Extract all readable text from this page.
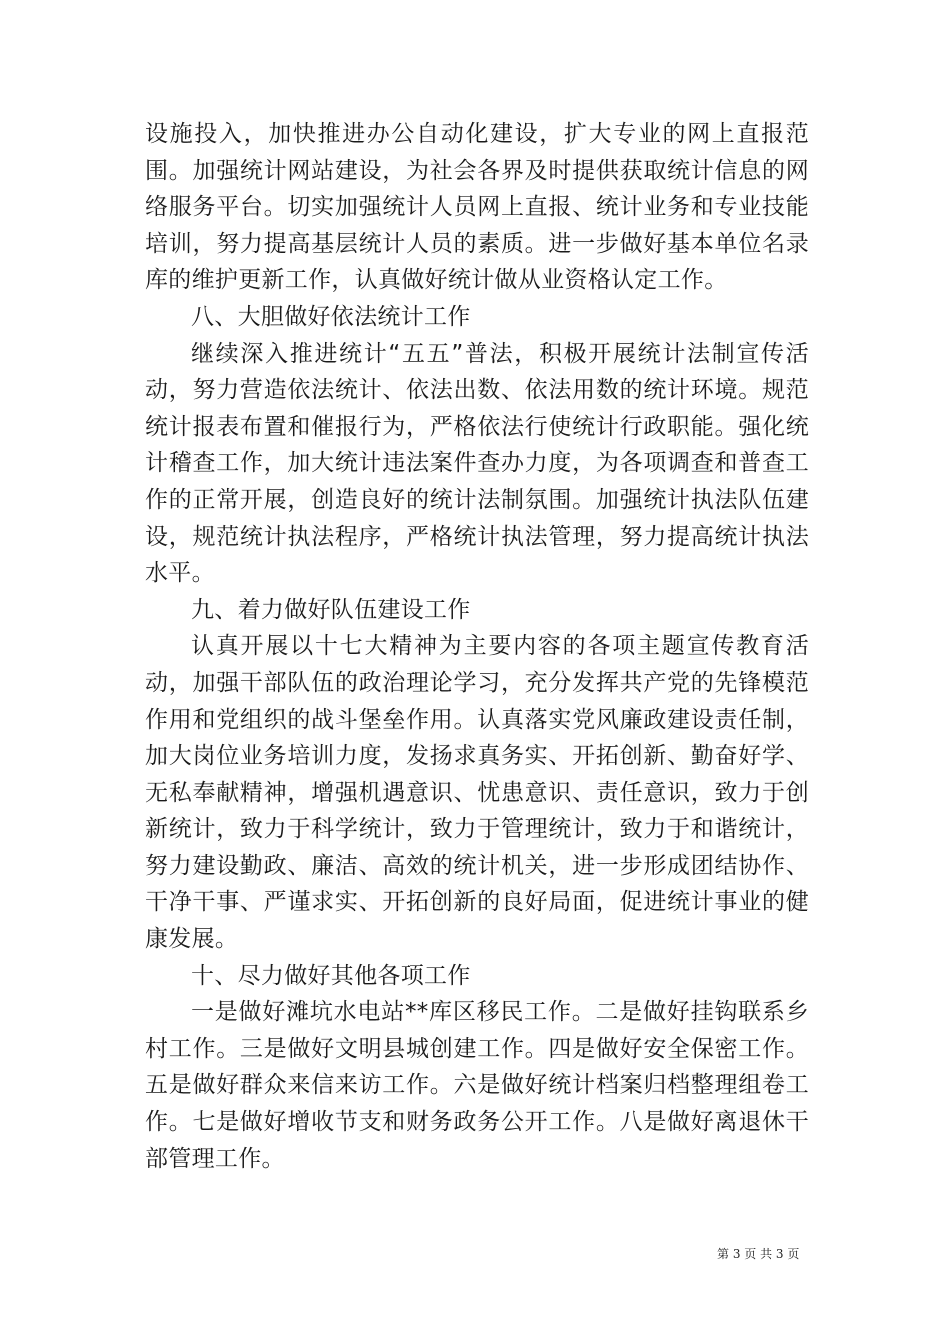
设施投入，加快推进办公自动化建设，扩大专业的网上直报范围。加强统计网站建设，为社会各界及时提供获取统计信息的网络服务平台。切实加强统计人员网上直报、统计业务和专业技能培训，努力提高基层统计人员的素质。进一步做好基本单位名录库的维护更新工作，认真做好统计做从业资格认定工作。

八、大胆做好依法统计工作

继续深入推进统计“五五”普法，积极开展统计法制宣传活动，努力营造依法统计、依法出数、依法用数的统计环境。规范统计报表布置和催报行为，严格依法行使统计行政职能。强化统计稽查工作，加大统计违法案件查办力度，为各项调查和普查工作的正常开展，创造良好的统计法制氛围。加强统计执法队伍建设，规范统计执法程序，严格统计执法管理，努力提高统计执法水平。

九、着力做好队伍建设工作

认真开展以十七大精神为主要内容的各项主题宣传教育活动，加强干部队伍的政治理论学习，充分发挥共产党的先锋模范作用和党组织的战斗堡垒作用。认真落实党风廉政建设责任制，加大岗位业务培训力度，发扬求真务实、开拓创新、勤奋好学、无私奉献精神，增强机遇意识、忧患意识、责任意识，致力于创新统计，致力于科学统计，致力于管理统计，致力于和谐统计，努力建设勤政、廉洁、高效的统计机关，进一步形成团结协作、干净干事、严谨求实、开拓创新的良好局面，促进统计事业的健康发展。

十、尽力做好其他各项工作

一是做好滩坑水电站**库区移民工作。二是做好挂钩联系乡村工作。三是做好文明县城创建工作。四是做好安全保密工作。五是做好群众来信来访工作。六是做好统计档案归档整理组卷工作。七是做好增收节支和财务政务公开工作。八是做好离退休干部管理工作。

第 3 页 共 3 页
